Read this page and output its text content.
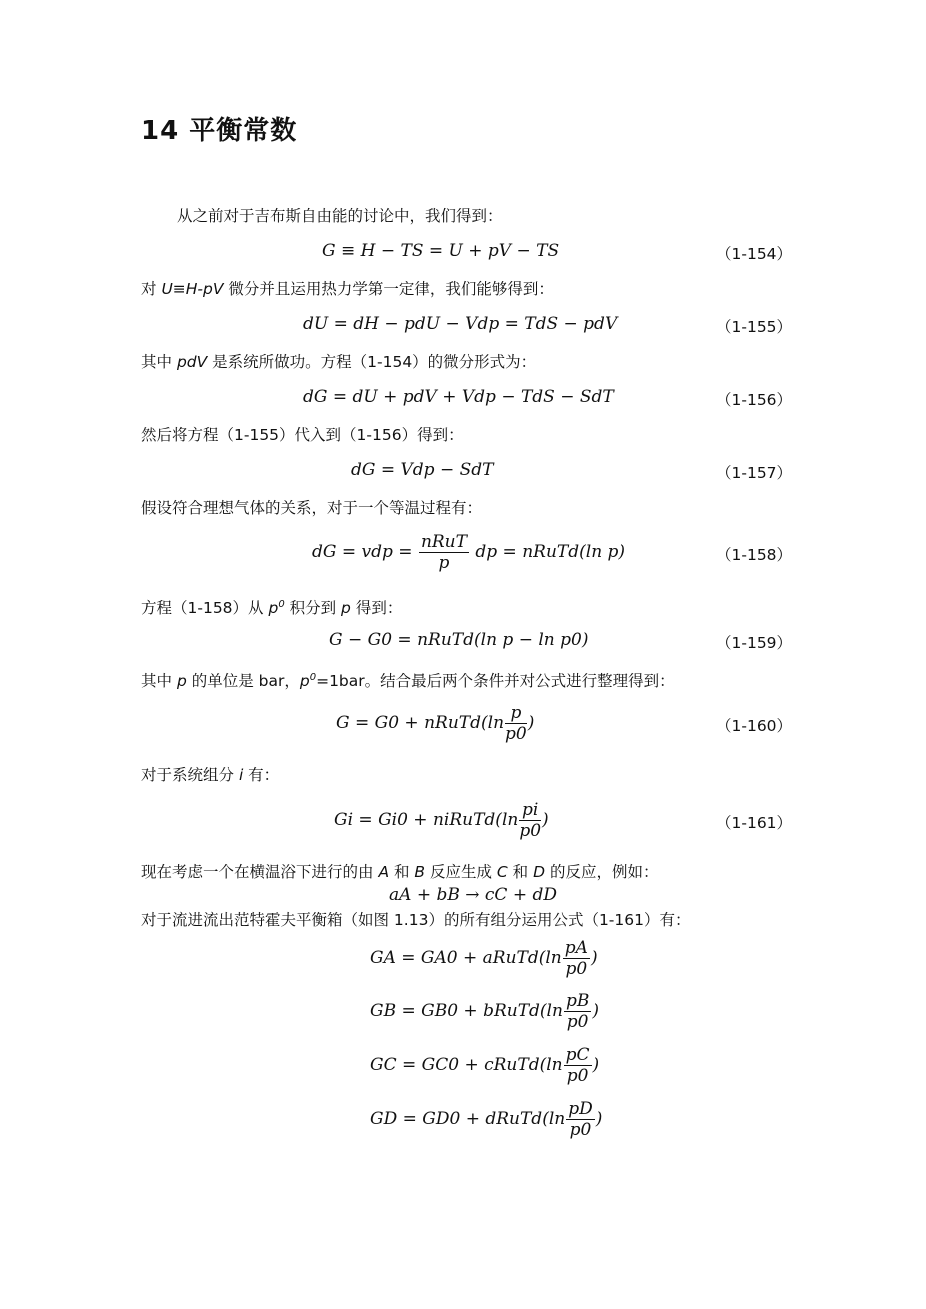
14 平衡常数
从之前对于吉布斯自由能的讨论中，我们得到：
G ≡ H − TS = U + pV − TS	（1-154）
对 U≡H-pV 微分并且运用热力学第一定律，我们能够得到：
dU = dH − pdU − Vdp = TdS − pdV	（1-155）
其中 pdV 是系统所做功。方程（1-154）的微分形式为：
dG = dU + pdV + Vdp − TdS − SdT	（1-156）
然后将方程（1-155）代入到（1-156）得到：
dG = Vdp − SdT	（1-157）
假设符合理想气体的关系，对于一个等温过程有：
dG = vdp = $\frac{\text{nRuT}}{p}$ dp = nRuTd(ln p)	（1-158）
方程（1-158）从 $p^0$ 积分到 p 得到：
G − G0 = nRuTd(ln p − ln p0)	（1-159）
其中 p 的单位是 bar，$p^0=1bar$。结合最后两个条件并对公式进行整理得到：
G = G0 + nRuTd(ln $\frac{p}{p0}$ )	（1-160）
对于系统组分 i 有：
Gi = Gi0 + niRuTd(ln $\frac{pi}{p0}$ )	（1-161）
现在考虑一个在横温浴下进行的由 A 和 B 反应生成 C 和 D 的反应，例如：
aA + bB → cC + dD
对于流进流出范特霍夫平衡箱（如图 1.13）的所有组分运用公式（1-161）有：
GA = GA0 + aRuTd(ln $\frac{pA}{p0}$ )
GB = GB0 + bRuTd(ln $\frac{pB}{p0}$ )
GC = GC0 + cRuTd(ln $\frac{pC}{p0}$ )
GD = GD0 + dRuTd(ln $\frac{pD}{p0}$ )
